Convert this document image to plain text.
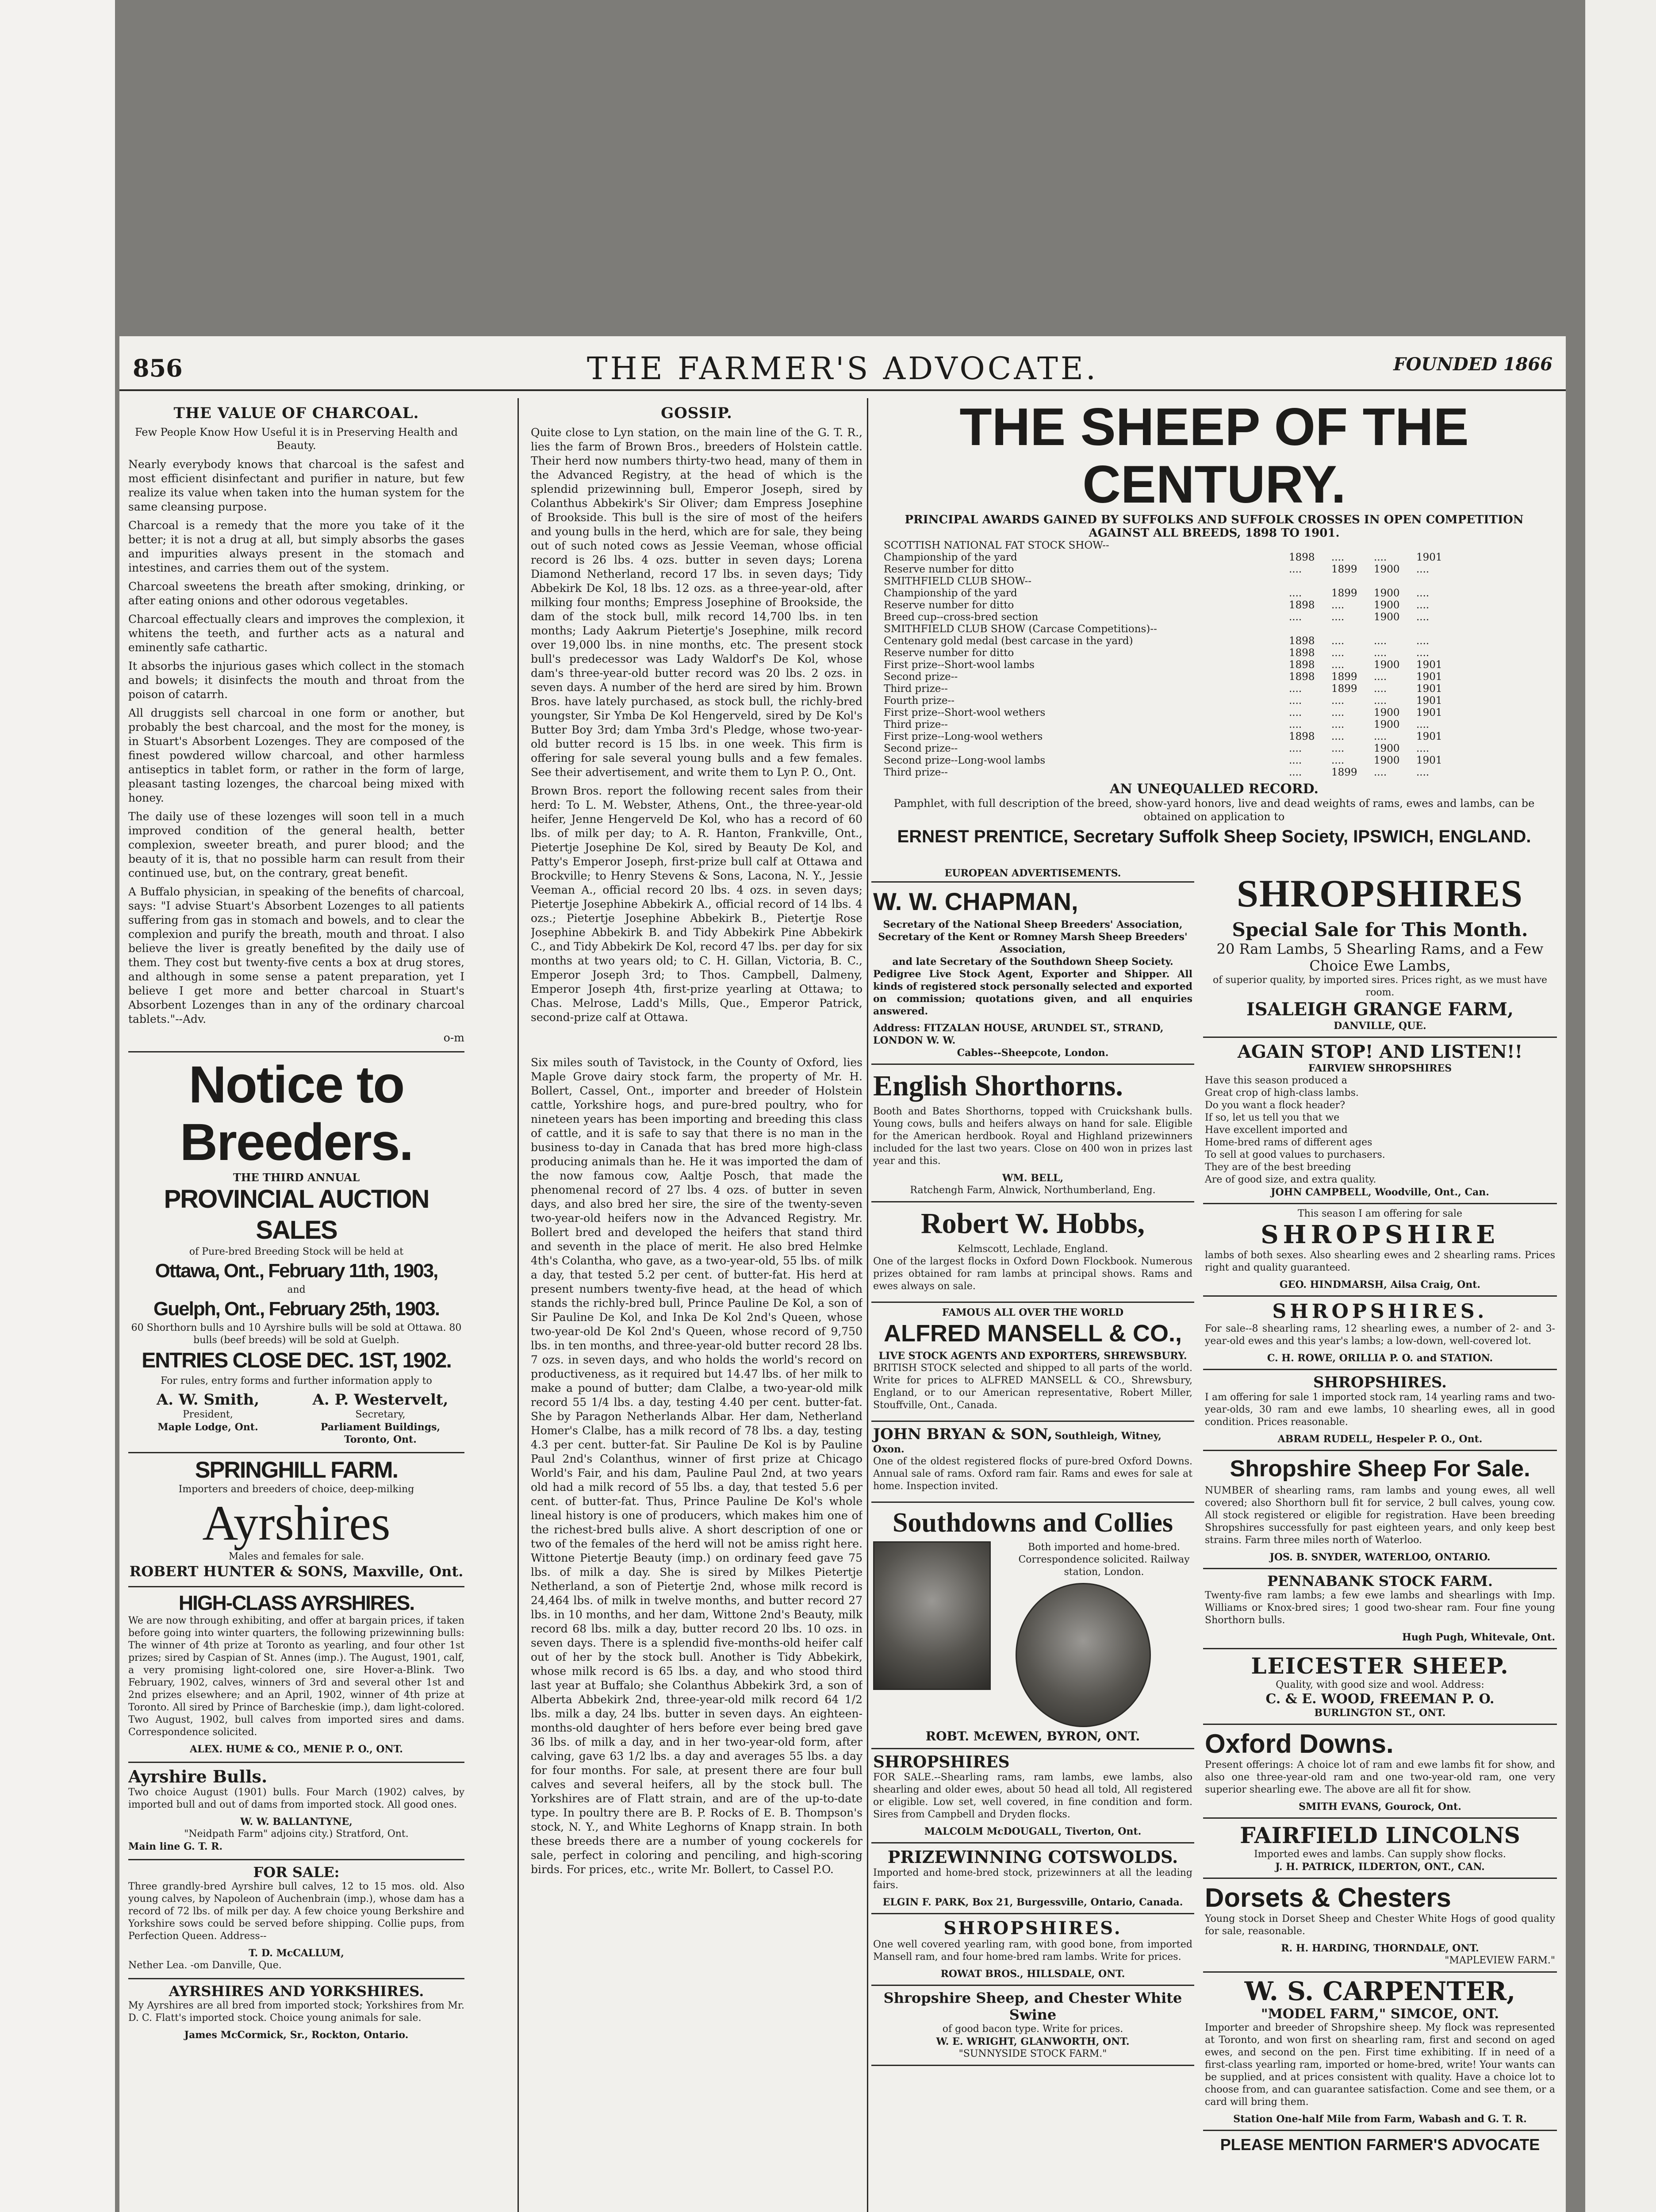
856	THE FARMER'S ADVOCATE.	FOUNDED 1866
THE VALUE OF CHARCOAL.
Few People Know How Useful it is in Preserving Health and Beauty.

Nearly everybody knows that charcoal is the safest and most efficient disinfectant and purifier in nature, but few realize its value when taken into the human system for the same cleansing purpose.

Charcoal is a remedy that the more you take of it the better; it is not a drug at all, but simply absorbs the gases and impurities always present in the stomach and intestines, and carries them out of the system.

Charcoal sweetens the breath after smoking, drinking, or after eating onions and other odorous vegetables.

Charcoal effectually clears and improves the complexion, it whitens the teeth, and further acts as a natural and eminently safe cathartic.

It absorbs the injurious gases which collect in the stomach and bowels; it disinfects the mouth and throat from the poison of catarrh.

All druggists sell charcoal in one form or another, but probably the best charcoal, and the most for the money, is in Stuart's Absorbent Lozenges. They are composed of the finest powdered willow charcoal, and other harmless antiseptics in tablet form, or rather in the form of large, pleasant tasting lozenges, the charcoal being mixed with honey.

The daily use of these lozenges will soon tell in a much improved condition of the general health, better complexion, sweeter breath, and purer blood; and the beauty of it is, that no possible harm can result from their continued use, but, on the contrary, great benefit.

A Buffalo physician, in speaking of the benefits of charcoal, says: "I advise Stuart's Absorbent Lozenges to all patients suffering from gas in stomach and bowels, and to clear the complexion and purify the breath, mouth and throat. I also believe the liver is greatly benefited by the daily use of them. They cost but twenty-five cents a box at drug stores, and although in some sense a patent preparation, yet I believe I get more and better charcoal in Stuart's Absorbent Lozenges than in any of the ordinary charcoal tablets."--Adv.

o-m
Notice to Breeders.
THE THIRD ANNUAL
PROVINCIAL AUCTION SALES
of Pure-bred Breeding Stock will be held at
Ottawa, Ont., February 11th, 1903,
and
Guelph, Ont., February 25th, 1903.
60 Shorthorn bulls and 10 Ayrshire bulls will be sold at Ottawa. 80 bulls (beef breeds) will be sold at Guelph.
ENTRIES CLOSE DEC. 1ST, 1902.
For rules, entry forms and further information apply to
A. W. Smith,
President,
Maple Lodge, Ont.
A. P. Westervelt,
Secretary,
Parliament Buildings, Toronto, Ont.
SPRINGHILL FARM.
Importers and breeders of choice, deep-milking
Ayrshires
Males and females for sale.
ROBERT HUNTER & SONS, Maxville, Ont.
HIGH-CLASS AYRSHIRES.

We are now through exhibiting, and offer at bargain prices, if taken before going into winter quarters, the following prizewinning bulls: The winner of 4th prize at Toronto as yearling, and four other 1st prizes; sired by Caspian of St. Annes (imp.). The August, 1901, calf, a very promising light-colored one, sire Hover-a-Blink. Two February, 1902, calves, winners of 3rd and several other 1st and 2nd prizes elsewhere; and an April, 1902, winner of 4th prize at Toronto. All sired by Prince of Barcheskie (imp.), dam light-colored. Two August, 1902, bull calves from imported sires and dams. Correspondence solicited.

ALEX. HUME & CO., MENIE P. O., ONT.
Ayrshire Bulls.

Two choice August (1901) bulls. Four March (1902) calves, by imported bull and out of dams from imported stock. All good ones.

W. W. BALLANTYNE,
"Neidpath Farm" adjoins city.) Stratford, Ont.
Main line G. T. R.
FOR SALE:

Three grandly-bred Ayrshire bull calves, 12 to 15 mos. old. Also young calves, by Napoleon of Auchenbrain (imp.), whose dam has a record of 72 lbs. of milk per day. A few choice young Berkshire and Yorkshire sows could be served before shipping. Collie pups, from Perfection Queen. Address--

T. D. McCALLUM,
Nether Lea. -om Danville, Que.
AYRSHIRES AND YORKSHIRES.

My Ayrshires are all bred from imported stock; Yorkshires from Mr. D. C. Flatt's imported stock. Choice young animals for sale.

James McCormick, Sr., Rockton, Ontario.
GOSSIP.

Quite close to Lyn station, on the main line of the G. T. R., lies the farm of Brown Bros., breeders of Holstein cattle. Their herd now numbers thirty-two head, many of them in the Advanced Registry, at the head of which is the splendid prizewinning bull, Emperor Joseph, sired by Colanthus Abbekirk's Sir Oliver; dam Empress Josephine of Brookside. This bull is the sire of most of the heifers and young bulls in the herd, which are for sale, they being out of such noted cows as Jessie Veeman, whose official record is 26 lbs. 4 ozs. butter in seven days; Lorena Diamond Netherland, record 17 lbs. in seven days; Tidy Abbekirk De Kol, 18 lbs. 12 ozs. as a three-year-old, after milking four months; Empress Josephine of Brookside, the dam of the stock bull, milk record 14,700 lbs. in ten months; Lady Aakrum Pietertje's Josephine, milk record over 19,000 lbs. in nine months, etc. The present stock bull's predecessor was Lady Waldorf's De Kol, whose dam's three-year-old butter record was 20 lbs. 2 ozs. in seven days. A number of the herd are sired by him. Brown Bros. have lately purchased, as stock bull, the richly-bred youngster, Sir Ymba De Kol Hengerveld, sired by De Kol's Butter Boy 3rd; dam Ymba 3rd's Pledge, whose two-year-old butter record is 15 lbs. in one week. This firm is offering for sale several young bulls and a few females. See their advertisement, and write them to Lyn P. O., Ont.

Brown Bros. report the following recent sales from their herd: To L. M. Webster, Athens, Ont., the three-year-old heifer, Jenne Hengerveld De Kol, who has a record of 60 lbs. of milk per day; to A. R. Hanton, Frankville, Ont., Pietertje Josephine De Kol, sired by Beauty De Kol, and Patty's Emperor Joseph, first-prize bull calf at Ottawa and Brockville; to Henry Stevens & Sons, Lacona, N. Y., Jessie Veeman A., official record 20 lbs. 4 ozs. in seven days; Pietertje Josephine Abbekirk A., official record of 14 lbs. 4 ozs.; Pietertje Josephine Abbekirk B., Pietertje Rose Josephine Abbekirk B. and Tidy Abbekirk Pine Abbekirk C., and Tidy Abbekirk De Kol, record 47 lbs. per day for six months at two years old; to C. H. Gillan, Victoria, B. C., Emperor Joseph 3rd; to Thos. Campbell, Dalmeny, Emperor Joseph 4th, first-prize yearling at Ottawa; to Chas. Melrose, Ladd's Mills, Que., Emperor Patrick, second-prize calf at Ottawa.

Six miles south of Tavistock, in the County of Oxford, lies Maple Grove dairy stock farm, the property of Mr. H. Bollert, Cassel, Ont., importer and breeder of Holstein cattle, Yorkshire hogs, and pure-bred poultry, who for nineteen years has been importing and breeding this class of cattle, and it is safe to say that there is no man in the business to-day in Canada that has bred more high-class producing animals than he. He it was imported the dam of the now famous cow, Aaltje Posch, that made the phenomenal record of 27 lbs. 4 ozs. of butter in seven days, and also bred her sire, the sire of the twenty-seven two-year-old heifers now in the Advanced Registry. Mr. Bollert bred and developed the heifers that stand third and seventh in the place of merit. He also bred Helmke 4th's Colantha, who gave, as a two-year-old, 55 lbs. of milk a day, that tested 5.2 per cent. of butter-fat. His herd at present numbers twenty-five head, at the head of which stands the richly-bred bull, Prince Pauline De Kol, a son of Sir Pauline De Kol, and Inka De Kol 2nd's Queen, whose two-year-old De Kol 2nd's Queen, whose record of 9,750 lbs. in ten months, and three-year-old butter record 28 lbs. 7 ozs. in seven days, and who holds the world's record on productiveness, as it required but 14.47 lbs. of her milk to make a pound of butter; dam Clalbe, a two-year-old milk record 55 1/4 lbs. a day, testing 4.40 per cent. butter-fat. She by Paragon Netherlands Albar. Her dam, Netherland Homer's Clalbe, has a milk record of 78 lbs. a day, testing 4.3 per cent. butter-fat. Sir Pauline De Kol is by Pauline Paul 2nd's Colanthus, winner of first prize at Chicago World's Fair, and his dam, Pauline Paul 2nd, at two years old had a milk record of 55 lbs. a day, that tested 5.6 per cent. of butter-fat. Thus, Prince Pauline De Kol's whole lineal history is one of producers, which makes him one of the richest-bred bulls alive. A short description of one or two of the females of the herd will not be amiss right here. Wittone Pietertje Beauty (imp.) on ordinary feed gave 75 lbs. of milk a day. She is sired by Milkes Pietertje Netherland, a son of Pietertje 2nd, whose milk record is 24,464 lbs. of milk in twelve months, and butter record 27 lbs. in 10 months, and her dam, Wittone 2nd's Beauty, milk record 68 lbs. milk a day, butter record 20 lbs. 10 ozs. in seven days. There is a splendid five-months-old heifer calf out of her by the stock bull. Another is Tidy Abbekirk, whose milk record is 65 lbs. a day, and who stood third last year at Buffalo; she Colanthus Abbekirk 3rd, a son of Alberta Abbekirk 2nd, three-year-old milk record 64 1/2 lbs. milk a day, 24 lbs. butter in seven days. An eighteen-months-old daughter of hers before ever being bred gave 36 lbs. of milk a day, and in her two-year-old form, after calving, gave 63 1/2 lbs. a day and averages 55 lbs. a day for four months. For sale, at present there are four bull calves and several heifers, all by the stock bull. The Yorkshires are of Flatt strain, and are of the up-to-date type. In poultry there are B. P. Rocks of E. B. Thompson's stock, N. Y., and White Leghorns of Knapp strain. In both these breeds there are a number of young cockerels for sale, perfect in coloring and penciling, and high-scoring birds. For prices, etc., write Mr. Bollert, to Cassel P.O.

THE SHEEP OF THE CENTURY.
PRINCIPAL AWARDS GAINED BY SUFFOLKS AND SUFFOLK CROSSES IN OPEN COMPETITION AGAINST ALL BREEDS, 1898 TO 1901.
SCOTTISH NATIONAL FAT STOCK SHOW--				
Championship of the yard	1898	....	....	1901
Reserve number for ditto	....	1899	1900	....
SMITHFIELD CLUB SHOW--				
Championship of the yard	....	1899	1900	....
Reserve number for ditto	1898	....	1900	....
Breed cup--cross-bred section	....	....	1900	....
SMITHFIELD CLUB SHOW (Carcase Competitions)--				
Centenary gold medal (best carcase in the yard)	1898	....	....	....
Reserve number for ditto	1898	....	....	....
First prize--Short-wool lambs	1898	....	1900	1901
Second prize--	1898	1899	....	1901
Third prize--	....	1899	....	1901
Fourth prize--	....	....	....	1901
First prize--Short-wool wethers	....	....	1900	1901
Third prize--	....	....	1900	....
First prize--Long-wool wethers	1898	....	....	1901
Second prize--	....	....	1900	....
Second prize--Long-wool lambs	....	....	1900	1901
Third prize--	....	1899	....	....
AN UNEQUALLED RECORD.
Pamphlet, with full description of the breed, show-yard honors, live and dead weights of rams, ewes and lambs, can be obtained on application to
ERNEST PRENTICE, Secretary Suffolk Sheep Society, IPSWICH, ENGLAND.
EUROPEAN ADVERTISEMENTS.
W. W. CHAPMAN,
Secretary of the National Sheep Breeders' Association,
Secretary of the Kent or Romney Marsh Sheep Breeders' Association,
and late Secretary of the Southdown Sheep Society.

Pedigree Live Stock Agent, Exporter and Shipper. All kinds of registered stock personally selected and exported on commission; quotations given, and all enquiries answered.

Address: FITZALAN HOUSE, ARUNDEL ST., STRAND, LONDON W. W.
Cables--Sheepcote, London.
English Shorthorns.

Booth and Bates Shorthorns, topped with Cruickshank bulls. Young cows, bulls and heifers always on hand for sale. Eligible for the American herdbook. Royal and Highland prizewinners included for the last two years. Close on 400 won in prizes last year and this.

WM. BELL,
Ratchengh Farm, Alnwick, Northumberland, Eng.
Robert W. Hobbs,
Kelmscott, Lechlade, England.

One of the largest flocks in Oxford Down Flockbook. Numerous prizes obtained for ram lambs at principal shows. Rams and ewes always on sale.

FAMOUS ALL OVER THE WORLD
ALFRED MANSELL & CO.,
LIVE STOCK AGENTS AND EXPORTERS, SHREWSBURY.

BRITISH STOCK selected and shipped to all parts of the world. Write for prices to ALFRED MANSELL & CO., Shrewsbury, England, or to our American representative, Robert Miller, Stouffville, Ont., Canada.

JOHN BRYAN & SON, Southleigh, Witney, Oxon.

One of the oldest registered flocks of pure-bred Oxford Downs. Annual sale of rams. Oxford ram fair. Rams and ewes for sale at home. Inspection invited.

Southdowns and Collies

Both imported and home-bred. Correspondence solicited. Railway station, London.

ROBT. McEWEN, BYRON, ONT.
SHROPSHIRES

FOR SALE.--Shearling rams, ram lambs, ewe lambs, also shearling and older ewes, about 50 head all told, All registered or eligible. Low set, well covered, in fine condition and form. Sires from Campbell and Dryden flocks.

MALCOLM McDOUGALL, Tiverton, Ont.
PRIZEWINNING COTSWOLDS.

Imported and home-bred stock, prizewinners at all the leading fairs.

ELGIN F. PARK, Box 21, Burgessville, Ontario, Canada.
SHROPSHIRES.

One well covered yearling ram, with good bone, from imported Mansell ram, and four home-bred ram lambs. Write for prices.

ROWAT BROS., HILLSDALE, ONT.
Shropshire Sheep, and Chester White Swine
of good bacon type. Write for prices.
W. E. WRIGHT, GLANWORTH, ONT.
"SUNNYSIDE STOCK FARM."
SHROPSHIRES
Special Sale for This Month.
20 Ram Lambs, 5 Shearling Rams, and a Few Choice Ewe Lambs,
of superior quality, by imported sires. Prices right, as we must have room.
ISALEIGH GRANGE FARM,
DANVILLE, QUE.
AGAIN STOP! AND LISTEN!!
FAIRVIEW SHROPSHIRES
Have this season produced a
Great crop of high-class lambs.
Do you want a flock header?
If so, let us tell you that we
Have excellent imported and
Home-bred rams of different ages
To sell at good values to purchasers.
They are of the best breeding
Are of good size, and extra quality.
JOHN CAMPBELL, Woodville, Ont., Can.
This season I am offering for sale
SHROPSHIRE

lambs of both sexes. Also shearling ewes and 2 shearling rams. Prices right and quality guaranteed.

GEO. HINDMARSH, Ailsa Craig, Ont.
SHROPSHIRES.

For sale--8 shearling rams, 12 shearling ewes, a number of 2- and 3-year-old ewes and this year's lambs; a low-down, well-covered lot.

C. H. ROWE, ORILLIA P. O. and STATION.
SHROPSHIRES.

I am offering for sale 1 imported stock ram, 14 yearling rams and two-year-olds, 30 ram and ewe lambs, 10 shearling ewes, all in good condition. Prices reasonable.

ABRAM RUDELL, Hespeler P. O., Ont.
Shropshire Sheep For Sale.

NUMBER of shearling rams, ram lambs and young ewes, all well covered; also Shorthorn bull fit for service, 2 bull calves, young cow. All stock registered or eligible for registration. Have been breeding Shropshires successfully for past eighteen years, and only keep best strains. Farm three miles north of Waterloo.

JOS. B. SNYDER, WATERLOO, ONTARIO.
PENNABANK STOCK FARM.

Twenty-five ram lambs; a few ewe lambs and shearlings with Imp. Williams or Knox-bred sires; 1 good two-shear ram. Four fine young Shorthorn bulls.

Hugh Pugh, Whitevale, Ont.
LEICESTER SHEEP.
Quality, with good size and wool. Address:
C. & E. WOOD, FREEMAN P. O.
BURLINGTON ST., ONT.
Oxford Downs.

Present offerings: A choice lot of ram and ewe lambs fit for show, and also one three-year-old ram and one two-year-old ram, one very superior shearling ewe. The above are all fit for show.

SMITH EVANS, Gourock, Ont.
FAIRFIELD LINCOLNS
Imported ewes and lambs. Can supply show flocks.
J. H. PATRICK, ILDERTON, ONT., CAN.
Dorsets & Chesters

Young stock in Dorset Sheep and Chester White Hogs of good quality for sale, reasonable.

R. H. HARDING, THORNDALE, ONT.
"MAPLEVIEW FARM."
W. S. CARPENTER,
"MODEL FARM," SIMCOE, ONT.

Importer and breeder of Shropshire sheep. My flock was represented at Toronto, and won first on shearling ram, first and second on aged ewes, and second on the pen. First time exhibiting. If in need of a first-class yearling ram, imported or home-bred, write! Your wants can be supplied, and at prices consistent with quality. Have a choice lot to choose from, and can guarantee satisfaction. Come and see them, or a card will bring them.

Station One-half Mile from Farm, Wabash and G. T. R.
PLEASE MENTION FARMER'S ADVOCATE
